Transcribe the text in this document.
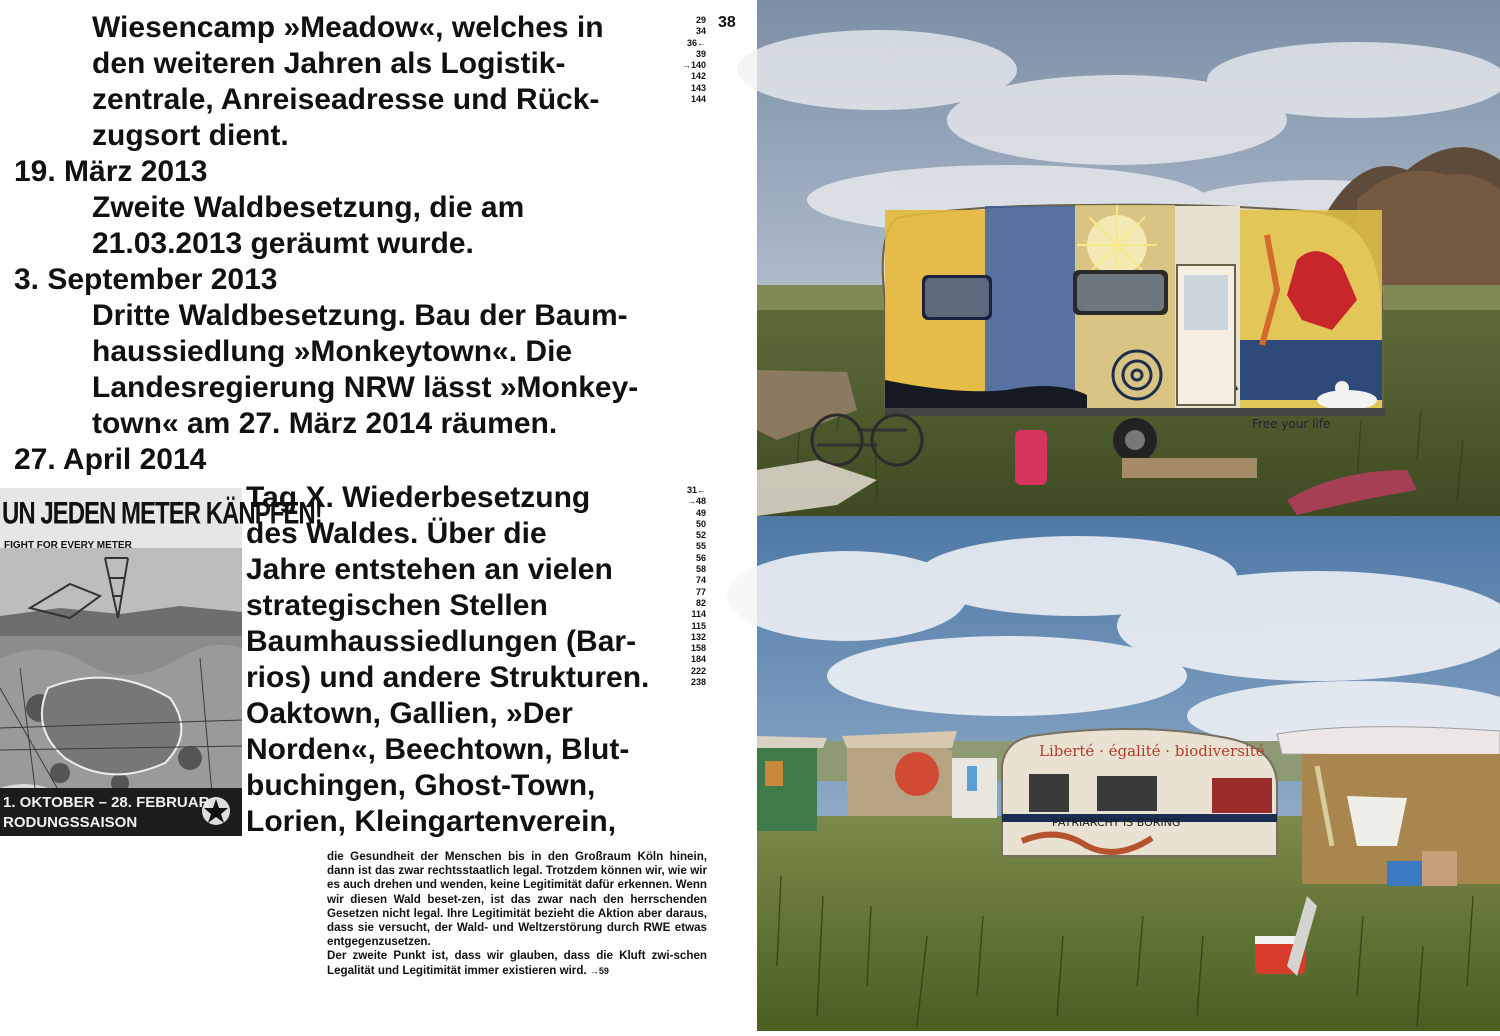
Wiesencamp »Meadow«, welches in
den weiteren Jahren als Logistik-
zentrale, Anreiseadresse und Rück-
zugsort dient.
38
29
34
36←
39
→140
142
143
144
19. März 2013
Zweite Waldbesetzung, die am
21.03.2013 geräumt wurde.
3. September 2013
Dritte Waldbesetzung. Bau der Baum-
haussiedlung »Monkeytown«. Die
Landesregierung NRW lässt »Monkey-
town« am 27. März 2014 räumen.
27. April 2014
UN JEDEN METER KÄNPFEN!
FIGHT FOR EVERY METER
1. OKTOBER – 28. FEBRUAR
RODUNGSSAISON
Tag X. Wiederbesetzung
des Waldes. Über die
Jahre entstehen an vielen
strategischen Stellen
Baumhaussiedlungen (Bar-
rios) und andere Strukturen.
Oaktown, Gallien, »Der
Norden«, Beechtown, Blut-
buchingen, Ghost-Town,
Lorien, Kleingartenverein,
31←
→48
49
50
52
55
56
58
74
77
82
114
115
132
158
184
222
238

die Gesundheit der Menschen bis in den Großraum Köln hinein, dann ist das zwar rechtsstaatlich legal. Trotzdem können wir, wie wir es auch drehen und wenden, keine Legitimität dafür erkennen. Wenn wir diesen Wald beset-zen, ist das zwar nach den herrschenden Gesetzen nicht legal. Ihre Legitimität bezieht die Aktion aber daraus, dass sie versucht, der Wald- und Weltzerstörung durch RWE etwas entgegenzusetzen.

Der zweite Punkt ist, dass wir glauben, dass die Kluft zwi-schen Legalität und Legitimität immer existieren wird. →59

Free your life
Liberté · égalité · biodiversité
PATRIARCHY IS BORING
